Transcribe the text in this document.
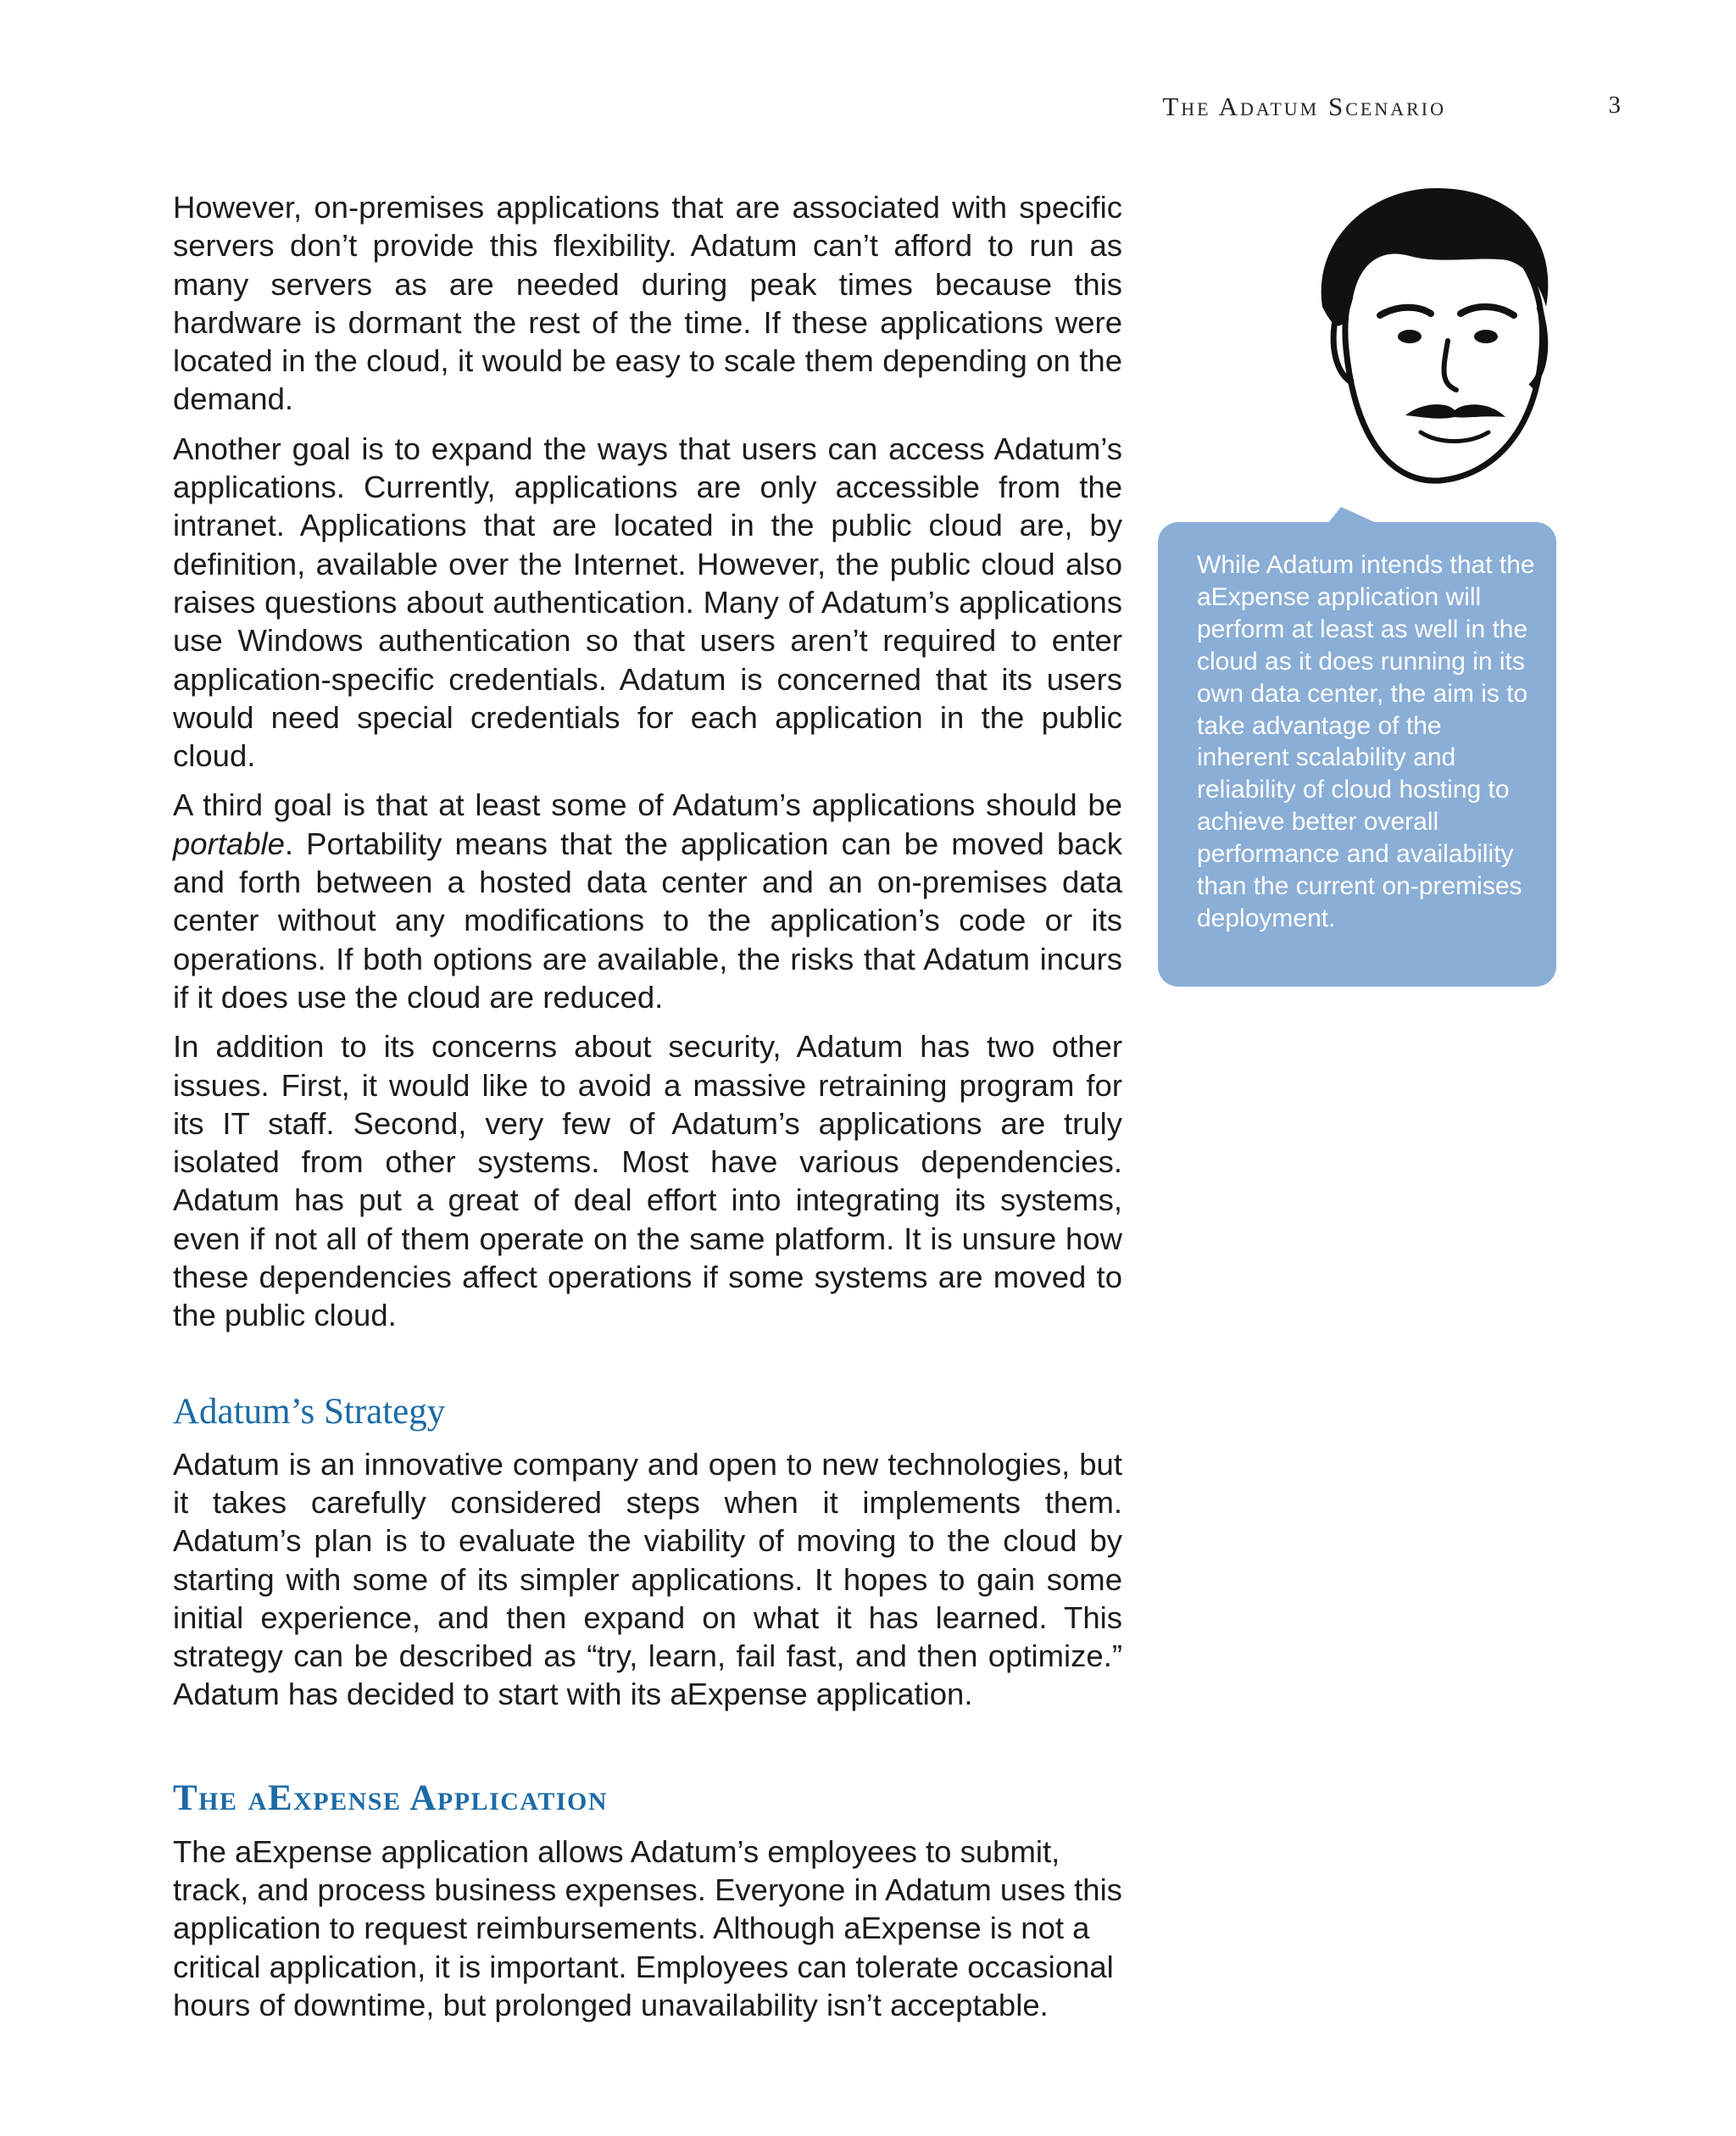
The Adatum Scenario	3

However, on-premises applications that are associated with specific servers don’t provide this flexibility. Adatum can’t afford to run as many servers as are needed during peak times because this hardware is dormant the rest of the time. If these applications were located in the cloud, it would be easy to scale them depending on the demand.

Another goal is to expand the ways that users can access Adatum’s applications. Currently, applications are only accessible from the intranet. Applications that are located in the public cloud are, by definition, available over the Internet. However, the public cloud also raises questions about authentication. Many of Adatum’s applications use Windows authentication so that users aren’t required to enter application-specific credentials. Adatum is concerned that its users would need special credentials for each application in the public cloud.

A third goal is that at least some of Adatum’s applications should be portable. Portability means that the application can be moved back and forth between a hosted data center and an on-premises data center without any modifications to the application’s code or its operations. If both options are available, the risks that Adatum incurs if it does use the cloud are reduced.

In addition to its concerns about security, Adatum has two other issues. First, it would like to avoid a massive retraining program for its IT staff. Second, very few of Adatum’s applications are truly isolated from other systems. Most have various dependencies. Adatum has put a great of deal effort into integrating its systems, even if not all of them operate on the same platform. It is unsure how these dependencies affect operations if some systems are moved to the public cloud.

Adatum’s Strategy

Adatum is an innovative company and open to new technologies, but it takes carefully considered steps when it implements them. Adatum’s plan is to evaluate the viability of moving to the cloud by starting with some of its simpler applications. It hopes to gain some initial experience, and then expand on what it has learned. This strategy can be described as “try, learn, fail fast, and then optimize.” Adatum has decided to start with its aExpense application.

The aExpense Application

The aExpense application allows Adatum’s employees to submit, track, and process business expenses. Everyone in Adatum uses this application to request reimbursements. Although aExpense is not a critical application, it is important. Employees can tolerate occasional hours of downtime, but prolonged unavailability isn’t acceptable.

While Adatum intends that the aExpense application will perform at least as well in the cloud as it does running in its own data center, the aim is to take advantage of the inherent scalability and reliability of cloud hosting to achieve better overall performance and availability than the current on-premises deployment.
